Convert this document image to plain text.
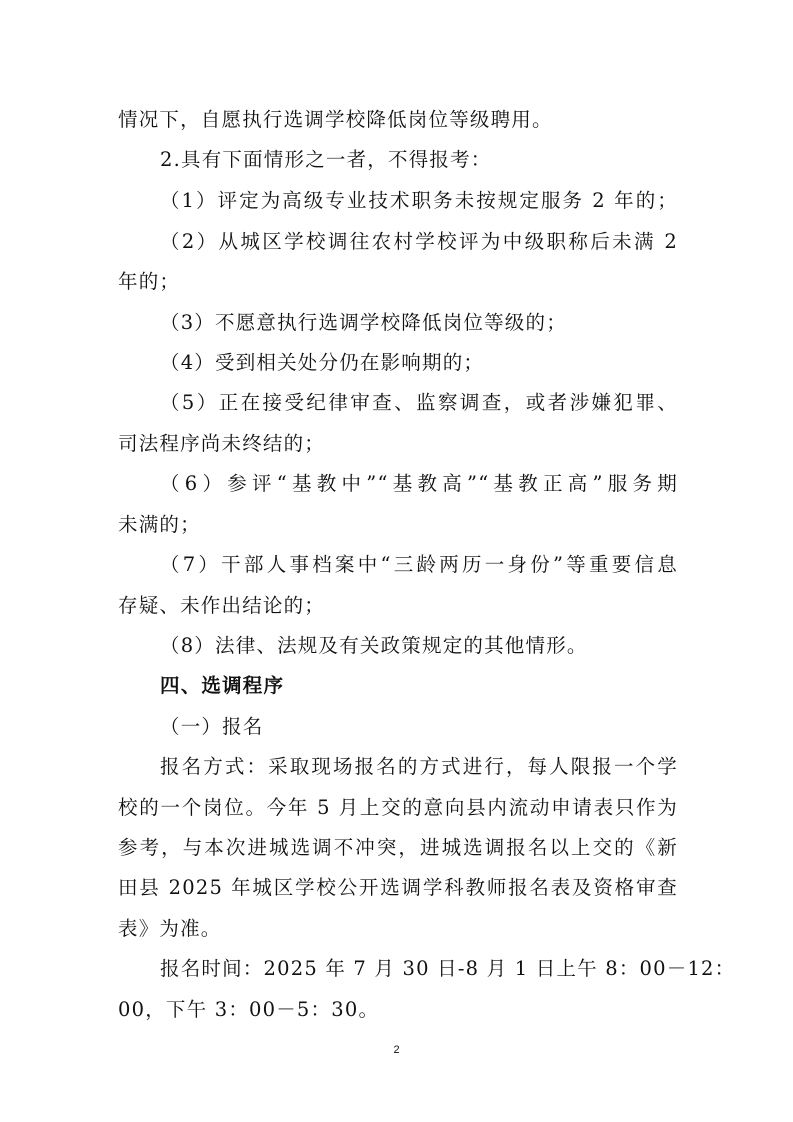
情况下，自愿执行选调学校降低岗位等级聘用。
2.具有下面情形之一者，不得报考：
（1）评定为高级专业技术职务未按规定服务 2 年的；
（2）从城区学校调往农村学校评为中级职称后未满 2
年的；
（3）不愿意执行选调学校降低岗位等级的；
（4）受到相关处分仍在影响期的；
（5）正在接受纪律审查、监察调查，或者涉嫌犯罪、
司法程序尚未终结的；
（6）参评“基教中”“基教高”“基教正高”服务期
未满的；
（7）干部人事档案中“三龄两历一身份”等重要信息
存疑、未作出结论的；
（8）法律、法规及有关政策规定的其他情形。
四、选调程序
（一）报名
报名方式：采取现场报名的方式进行，每人限报一个学
校的一个岗位。今年 5 月上交的意向县内流动申请表只作为
参考，与本次进城选调不冲突，进城选调报名以上交的《新
田县 2025 年城区学校公开选调学科教师报名表及资格审查
表》为准。
报名时间：2025 年 7 月 30 日-8 月 1 日上午 8：00－12：
00，下午 3：00－5：30。
2
